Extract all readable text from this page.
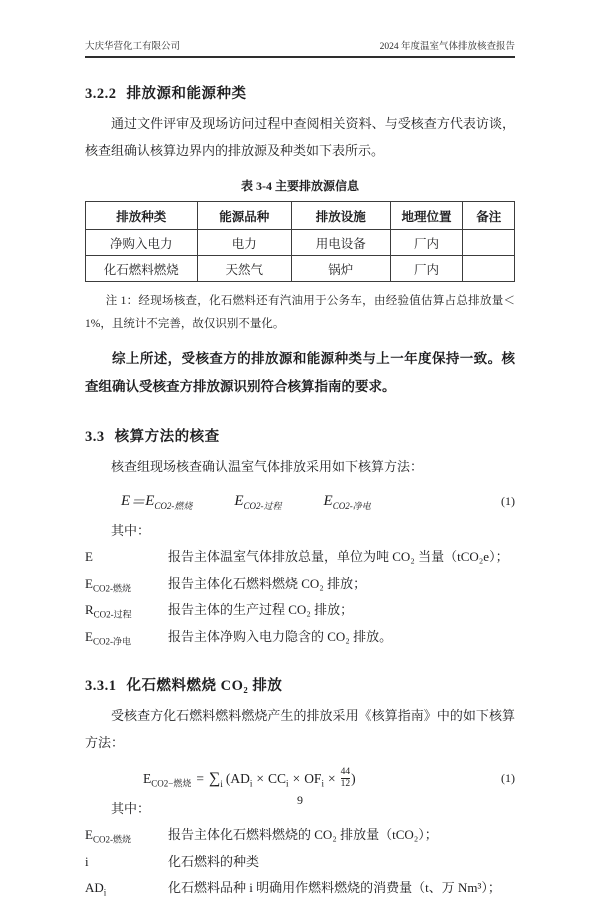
大庆华营化工有限公司	2024 年度温室气体排放核查报告
3.2.2 排放源和能源种类
通过文件评审及现场访问过程中查阅相关资料、与受核查方代表访谈，核查组确认核算边界内的排放源及种类如下表所示。
表 3-4 主要排放源信息
排放种类	能源品种	排放设施	地理位置	备注
净购入电力	电力	用电设备	厂内	
化石燃料燃烧	天然气	锅炉	厂内	
注 1：经现场核查，化石燃料还有汽油用于公务车，由经验值估算占总排放量＜1%，且统计不完善，故仅识别不量化。
综上所述，受核查方的排放源和能源种类与上一年度保持一致。核查组确认受核查方排放源识别符合核算指南的要求。
3.3 核算方法的核查
核查组现场核查确认温室气体排放采用如下核算方法：
$E = E_{CO2-燃烧}$	$E_{CO2-过程}$	$E_{CO2-净电}$	(1)
其中：
E	报告主体温室气体排放总量，单位为吨 CO₂ 当量（tCO₂e）；
$E_{CO2-燃烧}$	报告主体化石燃料燃烧 CO₂ 排放；
$R_{CO2-过程}$	报告主体的生产过程 CO₂ 排放；
$E_{CO2-净电}$	报告主体净购入电力隐含的 CO₂ 排放。
3.3.1 化石燃料燃烧 CO₂ 排放
受核查方化石燃料燃料燃烧产生的排放采用《核算指南》中的如下核算方法：
$E_{CO2-燃烧} = \sum_i$ ( $AD_i \times CC_i \times OF_i \times \frac{44}{12}$ )	(1)
其中：
$E_{CO2-燃烧}$	报告主体化石燃料燃烧的 CO₂ 排放量（tCO₂）；
i	化石燃料的种类
$AD_i$	化石燃料品种 i 明确用作燃料燃烧的消费量（t、万 Nm³）；
9
